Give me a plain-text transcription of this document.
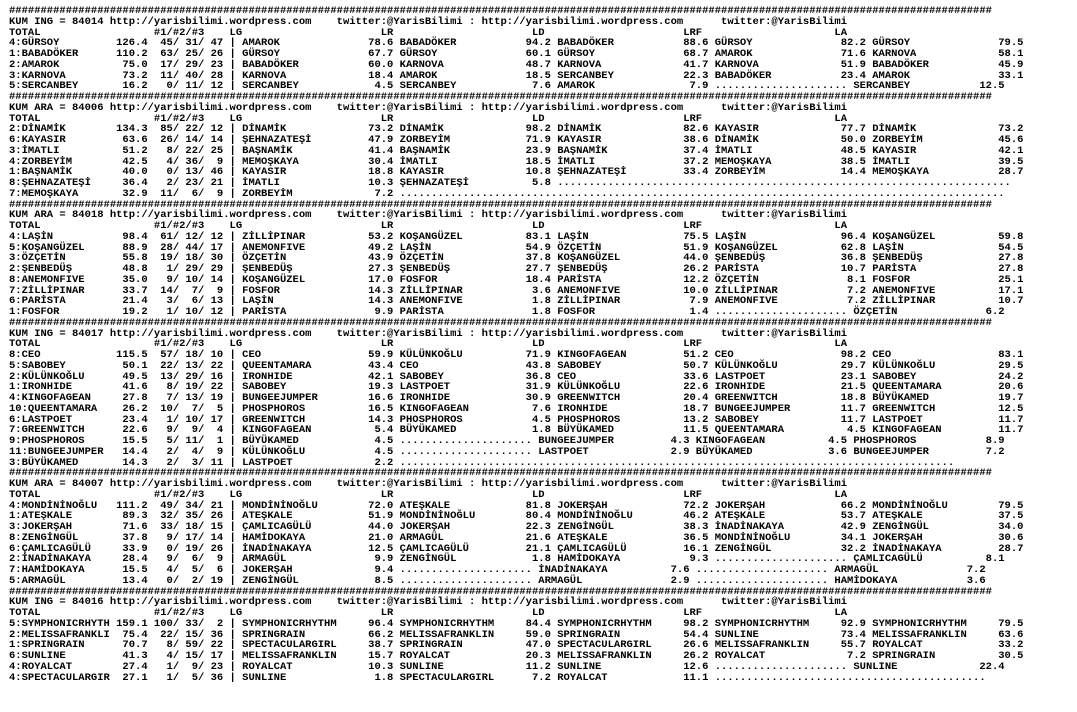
############################################################################################################################################################
KUM ING = 84014 http://yarisbilimi.wordpress.com    twitter:@YarisBilimi : http://yarisbilimi.wordpress.com      twitter:@YarisBilimi
TOTAL                  #1/#2/#3    LG                      LR                      LD                      LRF                     LA
4:GÜRSOY         126.4  45/ 31/ 47 | AMAROK              78.6 BABADÖKER           94.2 BABADÖKER           88.6 GÜRSOY              82.2 GÜRSOY              79.5
1:BABADÖKER      110.2  63/ 25/ 26 | GÜRSOY              67.7 GÜRSOY              60.1 GÜRSOY              68.7 AMAROK              71.6 KARNOVA             58.1
2:AMAROK          75.0  17/ 29/ 23 | BABADÖKER           60.0 KARNOVA             48.7 KARNOVA             41.7 KARNOVA             51.9 BABADÖKER           45.9
3:KARNOVA         73.2  11/ 40/ 28 | KARNOVA             18.4 AMAROK              18.5 SERCANBEY           22.3 BABADÖKER           23.4 AMAROK              33.1
5:SERCANBEY       16.2   0/ 11/ 12 | SERCANBEY            4.5 SERCANBEY            7.6 AMAROK               7.9 ..................... SERCANBEY           12.5
############################################################################################################################################################
KUM ARA = 84006 http://yarisbilimi.wordpress.com    twitter:@YarisBilimi : http://yarisbilimi.wordpress.com      twitter:@YarisBilimi
TOTAL                  #1/#2/#3    LG                      LR                      LD                      LRF                     LA
2:DİNAMİK        134.3  85/ 22/ 12 | DİNAMİK             73.2 DİNAMİK             98.2 DİNAMİK             82.6 KAYASIR             77.7 DİNAMİK             73.2
6:KAYASIR         63.6  26/ 14/ 14 | ŞEHNAZATEŞİ         47.9 ZORBEYİM            71.9 KAYASIR             38.6 DİNAMİK             50.0 ZORBEYİM            45.6
3:İMATLI          51.2   8/ 22/ 25 | BAŞNAMİK            41.4 BAŞNAMİK            23.9 BAŞNAMİK            37.4 İMATLI              48.5 KAYASIR             42.1
4:ZORBEYİM        42.5   4/ 36/  9 | MEMOŞKAYA           30.4 İMATLI              18.5 İMATLI              37.2 MEMOŞKAYA           38.5 İMATLI              39.5
1:BAŞNAMİK        40.0   0/ 13/ 46 | KAYASIR             18.8 KAYASIR             10.8 ŞEHNAZATEŞİ         33.4 ZORBEYİM            14.4 MEMOŞKAYA           28.7
8:ŞEHNAZATEŞİ     36.4   2/ 23/ 21 | İMATLI              10.3 ŞEHNAZATEŞİ          5.8 ........................................................................
7:MEMOŞKAYA       32.9  11/  6/  9 | ZORBEYİM             7.2 ................................................................................................
############################################################################################################################################################
KUM ARA = 84018 http://yarisbilimi.wordpress.com    twitter:@YarisBilimi : http://yarisbilimi.wordpress.com      twitter:@YarisBilimi
TOTAL                  #1/#2/#3    LG                      LR                      LD                      LRF                     LA
4:LAŞİN           98.4  61/ 12/ 12 | ZİLLİPINAR          53.2 KOŞANGÜZEL          83.1 LAŞİN               75.5 LAŞİN               96.4 KOŞANGÜZEL          59.8
5:KOŞANGÜZEL      88.9  28/ 44/ 17 | ANEMONFIVE          49.2 LAŞİN               54.9 ÖZÇETİN             51.9 KOŞANGÜZEL          62.8 LAŞİN               54.5
3:ÖZÇETİN         55.8  19/ 18/ 30 | ÖZÇETİN             43.9 ÖZÇETİN             37.8 KOŞANGÜZEL          44.0 ŞENBEDÜŞ            36.8 ŞENBEDÜŞ            27.8
2:ŞENBEDÜŞ        48.8   1/ 29/ 29 | ŞENBEDÜŞ            27.3 ŞENBEDÜŞ            27.7 ŞENBEDÜŞ            26.2 PARİSTA             10.7 PARİSTA             27.8
8:ANEMONFIVE      35.0   9/ 10/ 14 | KOŞANGÜZEL          17.0 FOSFOR              18.4 PARİSTA             12.2 ÖZÇETİN              8.1 FOSFOR              25.1
7:ZİLLİPINAR      33.7  14/  7/  9 | FOSFOR              14.3 ZİLLİPINAR           3.6 ANEMONFIVE          10.0 ZİLLİPINAR           7.2 ANEMONFIVE          17.1
6:PARİSTA         21.4   3/  6/ 13 | LAŞİN               14.3 ANEMONFIVE           1.8 ZİLLİPINAR           7.9 ANEMONFIVE           7.2 ZİLLİPINAR          10.7
1:FOSFOR          19.2   1/ 10/ 12 | PARİSTA              9.9 PARİSTA              1.8 FOSFOR               1.4 ..................... ÖZÇETİN              6.2
############################################################################################################################################################
KUM ING = 84017 http://yarisbilimi.wordpress.com    twitter:@YarisBilimi : http://yarisbilimi.wordpress.com      twitter:@YarisBilimi
TOTAL                  #1/#2/#3    LG                      LR                      LD                      LRF                     LA
8:CEO            115.5  57/ 18/ 10 | CEO                 59.9 KÜLÜNKOĞLU          71.9 KINGOFAGEAN         51.2 CEO                 98.2 CEO                 83.1
5:SABOBEY         50.1  22/ 13/ 22 | QUEENTAMARA         43.4 CEO                 43.8 SABOBEY             50.7 KÜLÜNKOĞLU          29.7 KÜLÜNKOĞLU          29.5
2:KÜLÜNKOĞLU      49.5  13/ 29/ 16 | IRONHIDE            42.1 SABOBEY             36.8 CEO                 33.6 LASTPOET            23.1 SABOBEY             24.2
1:IRONHIDE        41.6   8/ 19/ 22 | SABOBEY             19.3 LASTPOET            31.9 KÜLÜNKOĞLU          22.6 IRONHIDE            21.5 QUEENTAMARA         20.6
4:KINGOFAGEAN     27.8   7/ 13/ 19 | BUNGEEJUMPER        16.6 IRONHIDE            30.9 GREENWITCH          20.4 GREENWITCH          18.8 BÜYÜKAMED           19.7
10:QUEENTAMARA    26.2  10/  7/  5 | PHOSPHOROS          16.5 KINGOFAGEAN          7.6 IRONHIDE            18.7 BUNGEEJUMPER        11.7 GREENWITCH          12.5
6:LASTPOET        23.4   1/ 10/ 17 | GREENWITCH          14.3 PHOSPHOROS           4.5 PHOSPHOROS          13.2 SABOBEY             11.7 LASTPOET            11.7
7:GREENWITCH      22.6   9/  9/  4 | KINGOFAGEAN          5.4 BÜYÜKAMED            1.8 BÜYÜKAMED           11.5 QUEENTAMARA          4.5 KINGOFAGEAN         11.7
9:PHOSPHOROS      15.5   5/ 11/  1 | BÜYÜKAMED            4.5 ..................... BUNGEEJUMPER         4.3 KINGOFAGEAN          4.5 PHOSPHOROS           8.9
11:BUNGEEJUMPER   14.4   2/  4/  9 | KÜLÜNKOĞLU           4.5 ..................... LASTPOET             2.9 BÜYÜKAMED            3.6 BUNGEEJUMPER         7.2
3:BÜYÜKAMED       14.3   2/  3/ 11 | LASTPOET             2.2 ........................................................................................
############################################################################################################################################################
KUM ARA = 84007 http://yarisbilimi.wordpress.com    twitter:@YarisBilimi : http://yarisbilimi.wordpress.com      twitter:@YarisBilimi
TOTAL                  #1/#2/#3    LG                      LR                      LD                      LRF                     LA
4:MONDİNİNOĞLU   111.2  49/ 34/ 21 | MONDİNİNOĞLU        72.0 ATEŞKALE            81.8 JOKERŞAH            72.2 JOKERŞAH            66.2 MONDİNİNOĞLU        79.5
1:ATEŞKALE        89.3  32/ 35/ 26 | ATEŞKALE            51.9 MONDİNİNOĞLU        80.4 MONDİNİNOĞLU        46.2 ATEŞKALE            53.7 ATEŞKALE            37.5
3:JOKERŞAH        71.6  33/ 18/ 15 | ÇAMLICAGÜLÜ         44.0 JOKERŞAH            22.3 ZENGİNGÜL           38.3 İNADİNAKAYA         42.9 ZENGİNGÜL           34.0
8:ZENGİNGÜL       37.8   9/ 17/ 14 | HAMİDOKAYA          21.0 ARMAGÜL             21.6 ATEŞKALE            36.5 MONDİNİNOĞLU        34.1 JOKERŞAH            30.6
6:ÇAMLICAGÜLÜ     33.9   0/ 19/ 26 | İNADİNAKAYA         12.5 ÇAMLICAGÜLÜ         21.1 ÇAMLICAGÜLÜ         16.1 ZENGİNGÜL           32.2 İNADİNAKAYA         28.7
2:İNADİNAKAYA     28.4   9/  6/  9 | ARMAGÜL              9.9 ZENGİNGÜL            1.8 HAMİDOKAYA           9.3 ..................... ÇAMLICAGÜLÜ          8.1
7:HAMİDOKAYA      15.5   4/  5/  6 | JOKERŞAH             9.4 ..................... İNADİNAKAYA          7.6 ..................... ARMAGÜL              7.2
5:ARMAGÜL         13.4   0/  2/ 19 | ZENGİNGÜL            8.5 ..................... ARMAGÜL              2.9 ..................... HAMİDOKAYA           3.6
############################################################################################################################################################
KUM ING = 84016 http://yarisbilimi.wordpress.com    twitter:@YarisBilimi : http://yarisbilimi.wordpress.com      twitter:@YarisBilimi
TOTAL                  #1/#2/#3    LG                      LR                      LD                      LRF                     LA
5:SYMPHONICRHYTH 159.1 100/ 33/  2 | SYMPHONICRHYTHM     96.4 SYMPHONICRHYTHM     84.4 SYMPHONICRHYTHM     98.2 SYMPHONICRHYTHM     92.9 SYMPHONICRHYTHM     79.5
2:MELISSAFRANKLI  75.4  22/ 15/ 36 | SPRINGRAIN          66.2 MELISSAFRANKLIN     59.0 SPRINGRAIN          54.4 SUNLINE             73.4 MELISSAFRANKLIN     63.6
1:SPRINGRAIN      70.7   8/ 59/ 22 | SPECTACULARGIRL     38.7 SPRINGRAIN          47.0 SPECTACULARGIRL     26.6 MELISSAFRANKLIN     55.7 ROYALCAT            33.2
6:SUNLINE         41.3   4/ 15/ 17 | MELISSAFRANKLIN     15.7 ROYALCAT            20.3 MELISSAFRANKLIN     26.2 ROYALCAT             7.2 SPRINGRAIN          30.5
4:ROYALCAT        27.4   1/  9/ 23 | ROYALCAT            10.3 SUNLINE             11.2 SUNLINE             12.6 ..................... SUNLINE             22.4
4:SPECTACULARGIR  27.1   1/  5/ 36 | SUNLINE              1.8 SPECTACULARGIRL      7.2 ROYALCAT            11.1 ...........................................
